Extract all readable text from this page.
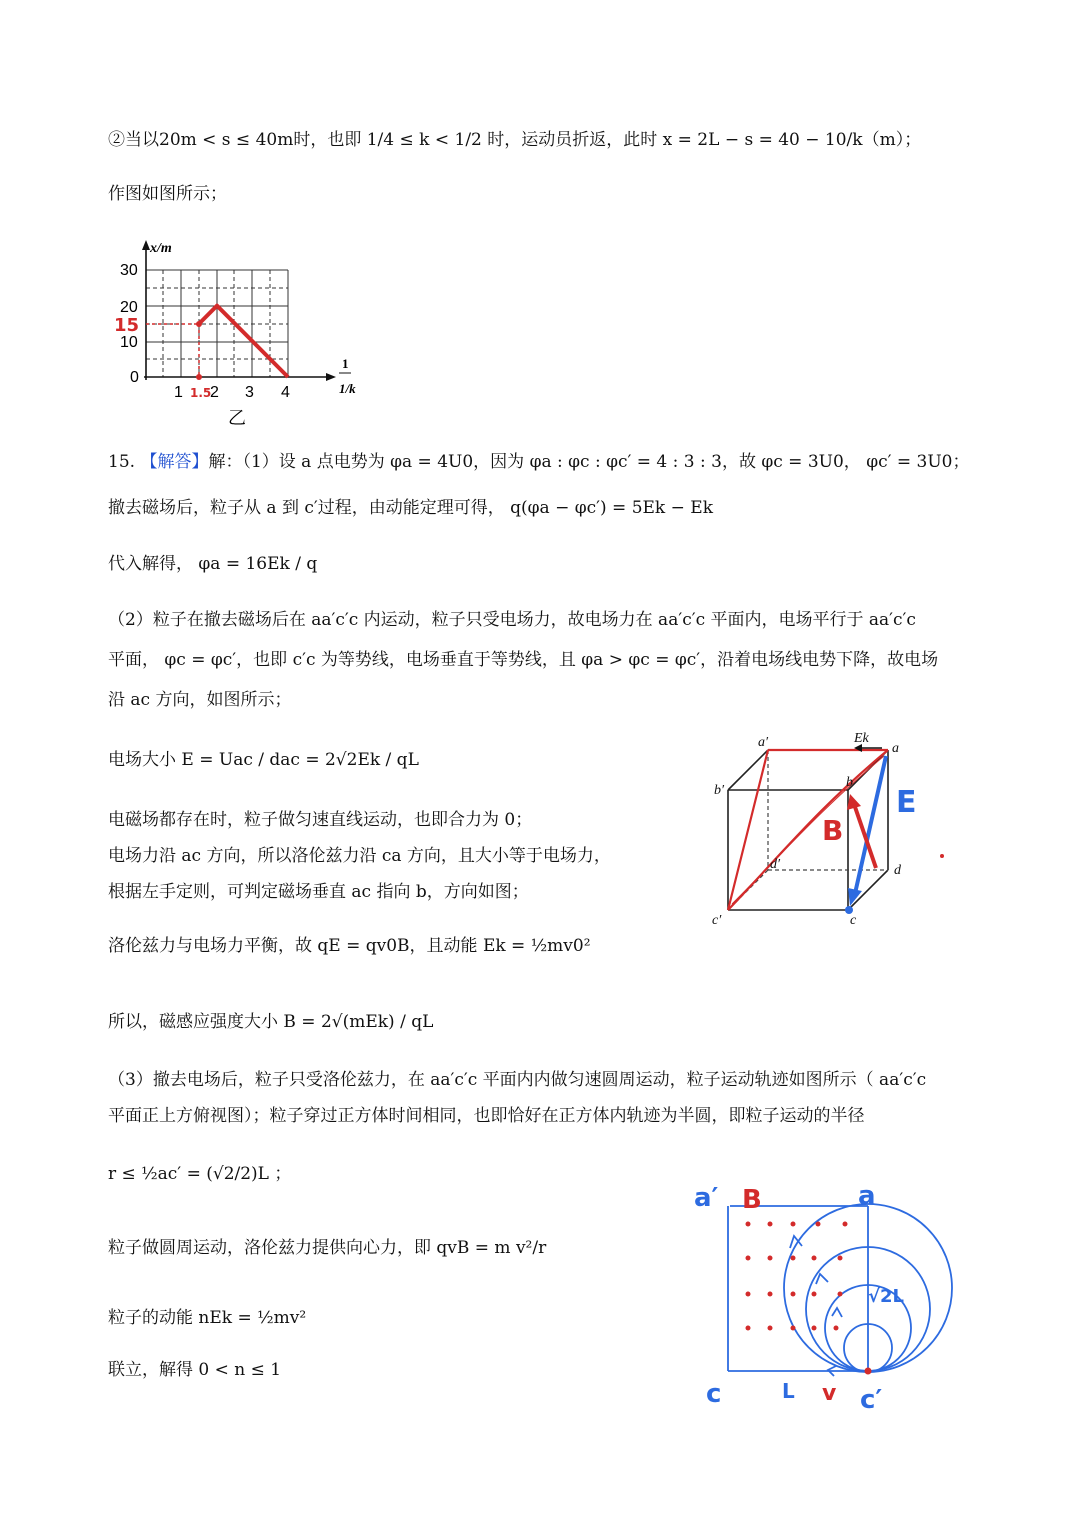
②当以20m < s ≤ 40m时，也即 1/4 ≤ k < 1/2 时，运动员折返，此时 x = 2L − s = 40 − 10/k（m）；
作图如图所示；
x/m
1
1/k
30
20
10
0
1 2 3 4
15
1.5
乙
15. 【解答】解：（1）设 a 点电势为 φa = 4U0，因为 φa : φc : φc′ = 4 : 3 : 3，故 φc = 3U0， φc′ = 3U0；
撤去磁场后，粒子从 a 到 c′过程，由动能定理可得， q(φa − φc′) = 5Ek − Ek
代入解得， φa = 16Ek / q
（2）粒子在撤去磁场后在 aa′c′c 内运动，粒子只受电场力，故电场力在 aa′c′c 平面内，电场平行于 aa′c′c
平面， φc = φc′，也即 c′c 为等势线，电场垂直于等势线，且 φa > φc = φc′，沿着电场线电势下降，故电场
沿 ac 方向，如图所示；
电场大小 E = Uac / dac = 2√2Ek / qL
电磁场都存在时，粒子做匀速直线运动，也即合力为 0；
电场力沿 ac 方向，所以洛伦兹力沿 ca 方向，且大小等于电场力，
根据左手定则，可判定磁场垂直 ac 指向 b，方向如图；
洛伦兹力与电场力平衡，故 qE = qv0B，且动能 Ek = ½mv0²
所以，磁感应强度大小 B = 2√(mEk) / qL
a′	a
b′
b
d′	d
c′	c
Ek
E
B
（3）撤去电场后，粒子只受洛伦兹力，在 aa′c′c 平面内内做匀速圆周运动，粒子运动轨迹如图所示（ aa′c′c
平面正上方俯视图）；粒子穿过正方体时间相同，也即恰好在正方体内轨迹为半圆，即粒子运动的半径
r ≤ ½ac′ = (√2/2)L ；
粒子做圆周运动，洛伦兹力提供向心力，即 qvB = m v²/r
粒子的动能 nEk = ½mv²
联立，解得 0 < n ≤ 1
a′ B	a
√2L
c	L v c′
